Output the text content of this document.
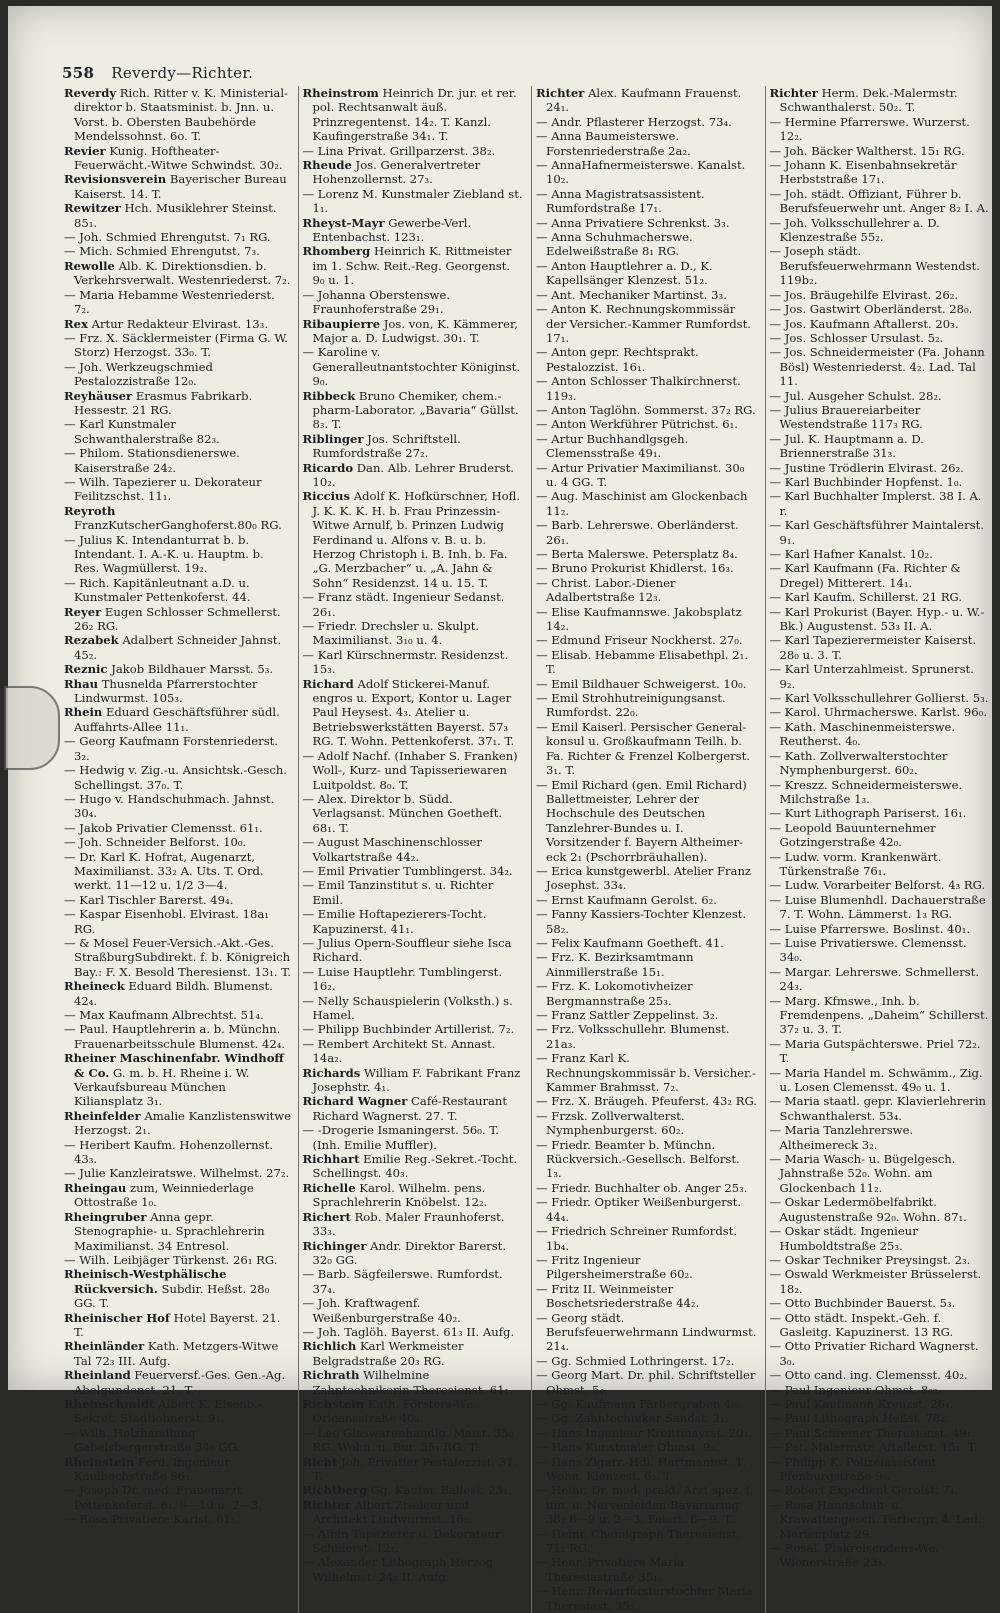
558 Reverdy—Richter.

Reverdy Rich. Ritter v. K. Ministerial-direktor b. Staatsminist. b. Jnn. u. Vorst. b. Obersten Baubehörde Mendelssohnst. 6o. T.

Revier Kunig. Hoftheater-Feuerwächt.-Witwe Schwindst. 30₂.

Revisionsverein Bayerischer Bureau Kaiserst. 14. T.

Rewitzer Hch. Musiklehrer Steinst. 85₁.

— Joh. Schmied Ehrengutst. 7₁ RG.

— Mich. Schmied Ehrengutst. 7₃.

Rewolle Alb. K. Direktionsdien. b. Verkehrsverwalt. Westenriederst. 7₂.

— Maria Hebamme Westenriederst. 7₂.

Rex Artur Redakteur Elvirast. 13₃.

— Frz. X. Säcklermeister (Firma G. W. Storz) Herzogst. 33₀. T.

— Joh. Werkzeugschmied Pestalozzistraße 12₀.

Reyhäuser Erasmus Fabrikarb. Hessestr. 21 RG.

— Karl Kunstmaler Schwanthalerstraße 82₃.

— Philom. Stationsdienerswe. Kaiserstraße 24₂.

— Wilh. Tapezierer u. Dekorateur Feilitzschst. 11₁.

Reyroth FranzKutscherGanghoferst.80₀ RG.

— Julius K. Intendanturrat b. b. Intendant. I. A.-K. u. Hauptm. b. Res. Wagmüllerst. 19₂.

— Rich. Kapitänleutnant a.D. u. Kunstmaler Pettenkoferst. 44.

Reyer Eugen Schlosser Schmellerst. 26₂ RG.

Rezabek Adalbert Schneider Jahnst. 45₂.

Reznic Jakob Bildhauer Marsst. 5₃.

Rhau Thusnelda Pfarrerstochter Lindwurmst. 105₃.

Rhein Eduard Geschäftsführer südl. Auffahrts-Allee 11₁.

— Georg Kaufmann Forstenriederst. 3₂.

— Hedwig v. Zig.-u. Ansichtsk.-Gesch. Schellingst. 37₀. T.

— Hugo v. Handschuhmach. Jahnst. 30₄.

— Jakob Privatier Clemensst. 61₁.

— Joh. Schneider Belforst. 10₀.

— Dr. Karl K. Hofrat, Augenarzt, Maximilianst. 33₂ A. Uts. T. Ord. werkt. 11—12 u. 1/2 3—4.

— Karl Tischler Barerst. 49₄.

— Kaspar Eisenhobl. Elvirast. 18a₁ RG.

— & Mosel Feuer-Versich.-Akt.-Ges. StraßburgSubdirekt. f. b. Königreich Bay.: F. X. Besold Theresienst. 13₁. T.

Rheineck Eduard Bildh. Blumenst. 42₄.

— Max Kaufmann Albrechtst. 51₄.

— Paul. Hauptlehrerin a. b. Münchn. Frauenarbeitsschule Blumenst. 42₄.

Rheiner Maschinenfabr. Windhoff & Co. G. m. b. H. Rheine i. W. Verkaufsbureau München Kiliansplatz 3₁.

Rheinfelder Amalie Kanzlistenswitwe Herzogst. 2₁.

— Heribert Kaufm. Hohenzollernst. 43₃.

— Julie Kanzleiratswe. Wilhelmst. 27₂.

Rheingau zum, Weinniederlage Ottostraße 1₀.

Rheingruber Anna gepr. Stenographie- u. Sprachlehrerin Maximilianst. 34 Entresol.

— Wilh. Leibjäger Türkenst. 26₁ RG.

Rheinisch-Westphälische Rückversich. Subdir. Heßst. 28₀ GG. T.

Rheinischer Hof Hotel Bayerst. 21. T.

Rheinländer Kath. Metzgers-Witwe Tal 72₃ III. Aufg.

Rheinland Feuerversf.-Ges. Gen.-Ag. Abelgundenst. 21. T.

Rheinschmidt Albert K. Eisenb.-Sekret. Stadtlohnerst. 9₃.

— Wilh. Holzhandlung Gabelsbergerstraße 34₀ GG.

Rheinstein Ferd. Ingenieur Kaulbachstraße 96₃.

— Joseph Dr. med. Frauenarzt Pettenkoferst. 6₁. 9—10 u. 2—3.

— Rosa Privatiere Karlst. 61₁.

Rheinstrom Heinrich Dr. jur. et rer. pol. Rechtsanwalt äuß. Prinzregentenst. 14₂. T. Kanzl. Kaufingerstraße 34₁. T.

— Lina Privat. Grillparzerst. 38₂.

Rheude Jos. Generalvertreter Hohenzollernst. 27₃.

— Lorenz M. Kunstmaler Ziebland st. 1₁.

Rheyst-Mayr Gewerbe-Verl. Entenbachst. 123₁.

Rhomberg Heinrich K. Rittmeister im 1. Schw. Reit.-Reg. Georgenst. 9₀ u. 1.

— Johanna Oberstenswe. Fraunhoferstraße 29₁.

Ribaupierre Jos. von, K. Kämmerer, Major a. D. Ludwigst. 30₁. T.

— Karoline v. Generalleutnantstochter Königinst. 9₀.

Ribbeck Bruno Chemiker, chem.-pharm-Laborator. „Bavaria“ Güllst. 8₃. T.

Riblinger Jos. Schriftstell. Rumfordstraße 27₂.

Ricardo Dan. Alb. Lehrer Bruderst. 10₂.

Riccius Adolf K. Hofkürschner, Hofl. J. K. K. K. H. b. Frau Prinzessin-Witwe Arnulf, b. Prinzen Ludwig Ferdinand u. Alfons v. B. u. b. Herzog Christoph i. B. Inh. b. Fa. „G. Merzbacher“ u. „A. Jahn & Sohn“ Residenzst. 14 u. 15. T.

— Franz städt. Ingenieur Sedanst. 26₁.

— Friedr. Drechsler u. Skulpt. Maximilianst. 3₁₀ u. 4.

— Karl Kürschnermstr. Residenzst. 15₃.

Richard Adolf Stickerei-Manuf. engros u. Export, Kontor u. Lager Paul Heysest. 4₃. Atelier u. Betriebswerkstätten Bayerst. 57₃ RG. T. Wohn. Pettenkoferst. 37₁. T.

— Adolf Nachf. (Inhaber S. Franken) Woll-, Kurz- und Tapisseriewaren Luitpoldst. 8₀. T.

— Alex. Direktor b. Südd. Verlagsanst. München Goetheft. 68₁. T.

— August Maschinenschlosser Volkartstraße 44₂.

— Emil Privatier Tumblingerst. 34₂.

— Emil Tanzinstitut s. u. Richter Emil.

— Emilie Hoftapezierers-Tocht. Kapuzinerst. 41₁.

— Julius Opern-Souffleur siehe Isca Richard.

— Luise Hauptlehr. Tumblingerst. 16₂.

— Nelly Schauspielerin (Volksth.) s. Hamel.

— Philipp Buchbinder Artillerist. 7₂.

— Rembert Architekt St. Annast. 14a₂.

Richards William F. Fabrikant Franz Josephstr. 4₁.

Richard Wagner Café-Restaurant Richard Wagnerst. 27. T.

— -Drogerie Ismaningerst. 56₀. T. (Inh. Emilie Muffler).

Richhart Emilie Reg.-Sekret.-Tocht. Schellingst. 40₃.

Richelle Karol. Wilhelm. pens. Sprachlehrerin Knöbelst. 12₂.

Richert Rob. Maler Fraunhoferst. 33₃.

Richinger Andr. Direktor Barerst. 32₀ GG.

— Barb. Sägfeilerswe. Rumfordst. 37₄.

— Joh. Kraftwagenf. Weißenburgerstraße 40₂.

— Joh. Taglöh. Bayerst. 61₃ II. Aufg.

Richlich Karl Werkmeister Belgradstraße 20₃ RG.

Richrath Wilhelmine Zahntechnikerin Theresienst. 61₁.

Richstein Kath. Försters-We. Orleansstraße 40₃.

— Leo Glaswarenhandlg. Maist. 35₀ RG. Wohn. u. Bur. 35₁ RG. T.

Richt Joh. Privatier Pestalozzist. 31. T.

Richtberg Gg. Kaufm. Ballest. 23₁.

Richter Albert Ziseleur und Architekt Lindwurmst. 16₃.

— Albin Tapezierer u. Dekorateur Schillerst. 12₁.

— Alexander Lithograph Herzog Wilhelmst. 24₂ II. Aufg.

Richter Alex. Kaufmann Frauenst. 24₁.

— Andr. Pflasterer Herzogst. 73₄.

— Anna Baumeisterswe. Forstenriederstraße 2a₂.

— AnnaHafnermeisterswe. Kanalst. 10₂.

— Anna Magistratsassistent. Rumfordstraße 17₁.

— Anna Privatiere Schrenkst. 3₃.

— Anna Schuhmacherswe. Edelweißstraße 8₁ RG.

— Anton Hauptlehrer a. D., K. Kapellsänger Klenzest. 51₂.

— Ant. Mechaniker Martinst. 3₃.

— Anton K. Rechnungskommissär der Versicher.-Kammer Rumfordst. 17₁.

— Anton gepr. Rechtsprakt. Pestalozzist. 16₁.

— Anton Schlosser Thalkirchnerst. 119₃.

— Anton Taglöhn. Sommerst. 37₂ RG.

— Anton Werkführer Pütrichst. 6₁.

— Artur Buchhandlgsgeh. Clemensstraße 49₁.

— Artur Privatier Maximilianst. 30₀ u. 4 GG. T.

— Aug. Maschinist am Glockenbach 11₂.

— Barb. Lehrerswe. Oberländerst. 26₁.

— Berta Malerswe. Petersplatz 8₄.

— Bruno Prokurist Khidlerst. 16₃.

— Christ. Labor.-Diener Adalbertstraße 12₃.

— Elise Kaufmannswe. Jakobsplatz 14₂.

— Edmund Friseur Nockherst. 27₀.

— Elisab. Hebamme Elisabethpl. 2₁. T.

— Emil Bildhauer Schweigerst. 10₀.

— Emil Strohhutreinigungsanst. Rumfordst. 22₀.

— Emil Kaiserl. Persischer General-konsul u. Großkaufmann Teilh. b. Fa. Richter & Frenzel Kolbergerst. 3₁. T.

— Emil Richard (gen. Emil Richard) Ballettmeister, Lehrer der Hochschule des Deutschen Tanzlehrer-Bundes u. I. Vorsitzender f. Bayern Altheimer-eck 2₁ (Pschorrbräuhallen).

— Erica kunstgewerbl. Atelier Franz Josephst. 33₄.

— Ernst Kaufmann Gerolst. 6₂.

— Fanny Kassiers-Tochter Klenzest. 58₂.

— Felix Kaufmann Goetheft. 41.

— Frz. K. Bezirksamtmann Ainmillerstraße 15₁.

— Frz. K. Lokomotivheizer Bergmannstraße 25₃.

— Franz Sattler Zeppelinst. 3₂.

— Frz. Volksschullehr. Blumenst. 21a₃.

— Franz Karl K. Rechnungskommissär b. Versicher.-Kammer Brahmsst. 7₂.

— Frz. X. Bräugeh. Pfeuferst. 43₂ RG.

— Frzsk. Zollverwalterst. Nymphenburgerst. 60₂.

— Friedr. Beamter b. Münchn. Rückversich.-Gesellsch. Belforst. 1₃.

— Friedr. Buchhalter ob. Anger 25₃.

— Friedr. Optiker Weißenburgerst. 44₄.

— Friedrich Schreiner Rumfordst. 1b₄.

— Fritz Ingenieur Pilgersheimerstraße 60₂.

— Fritz II. Weinmeister Boschetsriederstraße 44₂.

— Georg städt. Berufsfeuerwehrmann Lindwurmst. 21₄.

— Gg. Schmied Lothringerst. 17₂.

— Georg Mart. Dr. phil. Schriftsteller Ohmst. 5₄.

— Gg. Kaufmann Färbergraben 4₀.

— Gg. Zahntechniker Sandst. 2₁.

— Hans Ingenieur Kreittmayrst. 20₃.

— Hans Kunstmaler Ohmst. 9₃.

— Hans Zigarr.-Hdl. Hartmannst. 1. Wohn. Klenzest. 6₃. T.

— Heinr. Dr. med. prakt. Arzt spez. f. inn. u. Nervenleiden Bavariaring 38₂ 8—9 u. 2—3, Feiert. 8—9. T.

— Heinr. Chemigraph Theresienst. 71₂ RG.

— Henr. Privatiere Maria Theresiastraße 35₁.

— Henr. Revierförsterstochter Maria Theresiast. 35₂.

Richter Herm. Dek.-Malermstr. Schwanthalerst. 50₂. T.

— Hermine Pfarrerswe. Wurzerst. 12₂.

— Joh. Bäcker Waltherst. 15₁ RG.

— Johann K. Eisenbahnsekretär Herbststraße 17₁.

— Joh. städt. Offiziant, Führer b. Berufsfeuerwehr unt. Anger 8₂ I. A.

— Joh. Volksschullehrer a. D. Klenzestraße 55₂.

— Joseph städt. Berufsfeuerwehrmann Westendst. 119b₂.

— Jos. Bräugehilfe Elvirast. 26₂.

— Jos. Gastwirt Oberländerst. 28₀.

— Jos. Kaufmann Aftallerst. 20₃.

— Jos. Schlosser Ursulast. 5₂.

— Jos. Schneidermeister (Fa. Johann Bösl) Westenriederst. 4₂. Lad. Tal 11.

— Jul. Ausgeher Schulst. 28₂.

— Julius Brauereiarbeiter Westendstraße 117₃ RG.

— Jul. K. Hauptmann a. D. Briennerstraße 31₃.

— Justine Trödlerin Elvirast. 26₂.

— Karl Buchbinder Hopfenst. 1₀.

— Karl Buchhalter Implerst. 38 I. A. r.

— Karl Geschäftsführer Maintalerst. 9₁.

— Karl Hafner Kanalst. 10₂.

— Karl Kaufmann (Fa. Richter & Dregel) Mitterert. 14₁.

— Karl Kaufm. Schillerst. 21 RG.

— Karl Prokurist (Bayer. Hyp.- u. W.-Bk.) Augustenst. 53₃ II. A.

— Karl Tapezierermeister Kaiserst. 28₀ u. 3. T.

— Karl Unterzahlmeist. Sprunerst. 9₂.

— Karl Volksschullehrer Gollierst. 5₃.

— Karol. Uhrmacherswe. Karlst. 96₀.

— Kath. Maschinenmeisterswe. Reutherst. 4₀.

— Kath. Zollverwalterstochter Nymphenburgerst. 60₂.

— Kreszz. Schneidermeisterswe. Milchstraße 1₃.

— Kurt Lithograph Pariserst. 16₁.

— Leopold Bauunternehmer Gotzingerstraße 42₀.

— Ludw. vorm. Krankenwärt. Türkenstraße 76₁.

— Ludw. Vorarbeiter Belforst. 4₃ RG.

— Luise Blumenhdl. Dachauerstraße 7. T. Wohn. Lämmerst. 1₃ RG.

— Luise Pfarrerswe. Boslinst. 40₁.

— Luise Privatierswe. Clemensst. 34₀.

— Margar. Lehrerswe. Schmellerst. 24₃.

— Marg. Kfmswe., Inh. b. Fremdenpens. „Daheim“ Schillerst. 37₂ u. 3. T.

— Maria Gutspächterswe. Priel 72₂. T.

— Maria Handel m. Schwämm., Zig. u. Losen Clemensst. 49₀ u. 1.

— Maria staatl. gepr. Klavierlehrerin Schwanthalerst. 53₄.

— Maria Tanzlehrerswe. Altheimereck 3₂.

— Maria Wasch- u. Bügelgesch. Jahnstraße 52₀. Wohn. am Glockenbach 11₂.

— Oskar Ledermöbelfabrikt. Augustenstraße 92₀. Wohn. 87₁.

— Oskar städt. Ingenieur Humboldtstraße 25₃.

— Oskar Techniker Preysingst. 2₃.

— Oswald Werkmeister Brüsselerst. 18₂.

— Otto Buchbinder Bauerst. 5₃.

— Otto städt. Inspekt.-Geh. f. Gasleitg. Kapuzinerst. 13 RG.

— Otto Privatier Richard Wagnerst. 3₀.

— Otto cand. ing. Clemensst. 40₂.

— Paul Ingenieur Ohmst. 8₉₃.

— Paul Kaufmann Kreuzst. 26₄.

— Paul Lithograph Heßst. 78₄.

— Paul Schreiner Theresienst. 49₁.

— Pet. Malermstr. Aftallerst. 15₁. T.

— Philipp K. Polizeiassistent Pfenburgstraße 9₃.

— Robert Expedient Gerolst. 7₃.

— Rosa Handschuh- u. Krawattengesch. Färbergr. 4. Lad. Marienplatz 29.

— Rosal. Plakreisendens-We. Wienerstraße 23₃.
